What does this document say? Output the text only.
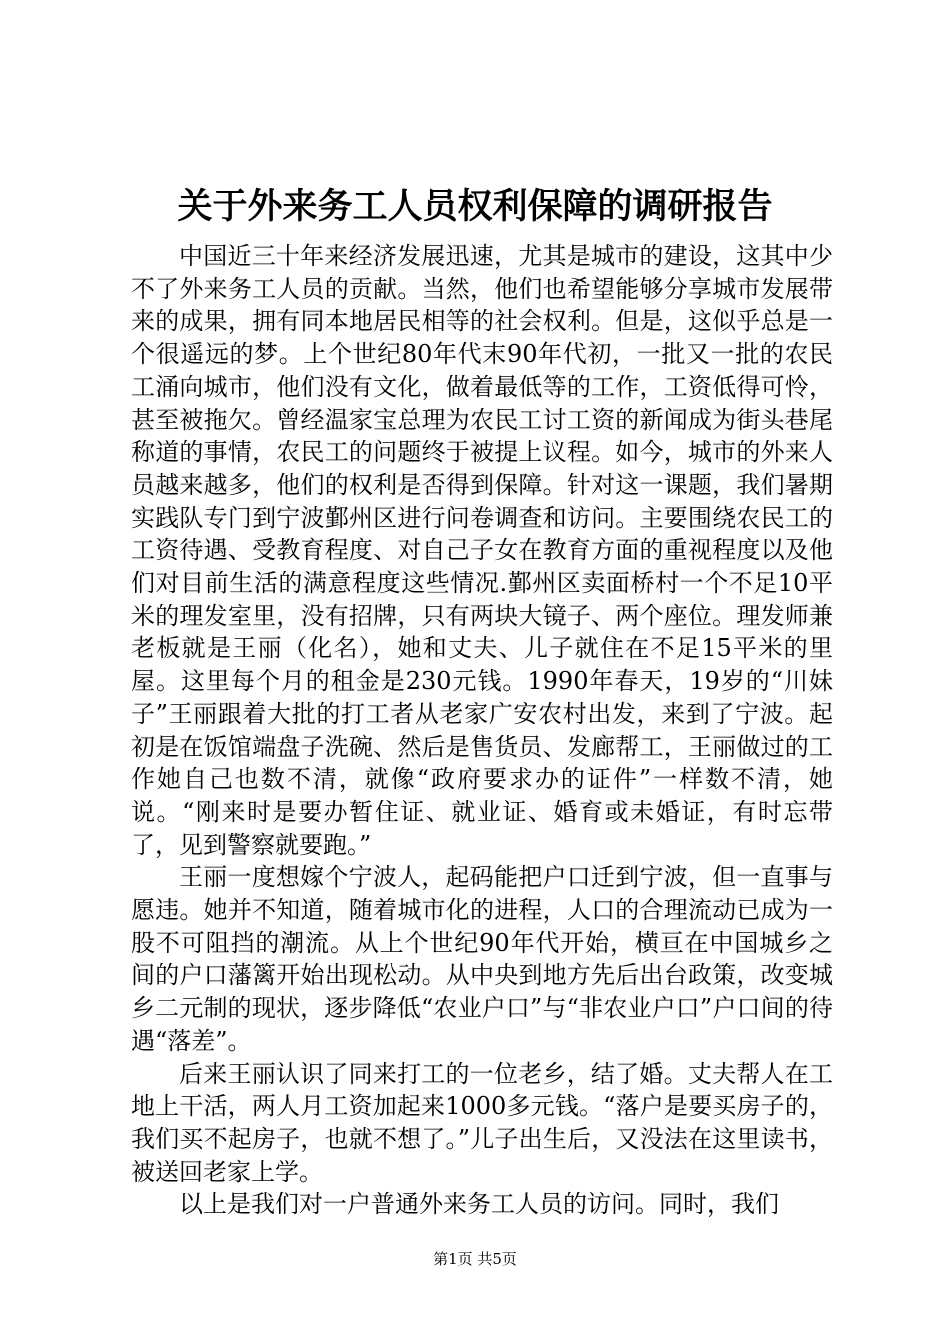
关于外来务工人员权利保障的调研报告

中国近三十年来经济发展迅速，尤其是城市的建设，这其中少不了外来务工人员的贡献。当然，他们也希望能够分享城市发展带来的成果，拥有同本地居民相等的社会权利。但是，这似乎总是一个很遥远的梦。上个世纪80年代末90年代初，一批又一批的农民工涌向城市，他们没有文化，做着最低等的工作，工资低得可怜，甚至被拖欠。曾经温家宝总理为农民工讨工资的新闻成为街头巷尾称道的事情，农民工的问题终于被提上议程。如今，城市的外来人员越来越多，他们的权利是否得到保障。针对这一课题，我们暑期实践队专门到宁波鄞州区进行问卷调查和访问。主要围绕农民工的工资待遇、受教育程度、对自己子女在教育方面的重视程度以及他们对目前生活的满意程度这些情况.鄞州区卖面桥村一个不足10平米的理发室里，没有招牌，只有两块大镜子、两个座位。理发师兼老板就是王丽（化名），她和丈夫、儿子就住在不足15平米的里屋。这里每个月的租金是230元钱。1990年春天，19岁的“川妹子”王丽跟着大批的打工者从老家广安农村出发，来到了宁波。起初是在饭馆端盘子洗碗、然后是售货员、发廊帮工，王丽做过的工作她自己也数不清，就像“政府要求办的证件”一样数不清，她说。“刚来时是要办暂住证、就业证、婚育或未婚证，有时忘带了，见到警察就要跑。”

王丽一度想嫁个宁波人，起码能把户口迁到宁波，但一直事与愿违。她并不知道，随着城市化的进程，人口的合理流动已成为一股不可阻挡的潮流。从上个世纪90年代开始，横亘在中国城乡之间的户口藩篱开始出现松动。从中央到地方先后出台政策，改变城乡二元制的现状，逐步降低“农业户口”与“非农业户口”户口间的待遇“落差”。

后来王丽认识了同来打工的一位老乡，结了婚。丈夫帮人在工地上干活，两人月工资加起来1000多元钱。“落户是要买房子的，我们买不起房子，也就不想了。”儿子出生后，又没法在这里读书，被送回老家上学。

以上是我们对一户普通外来务工人员的访问。同时，我们

第1页 共5页
